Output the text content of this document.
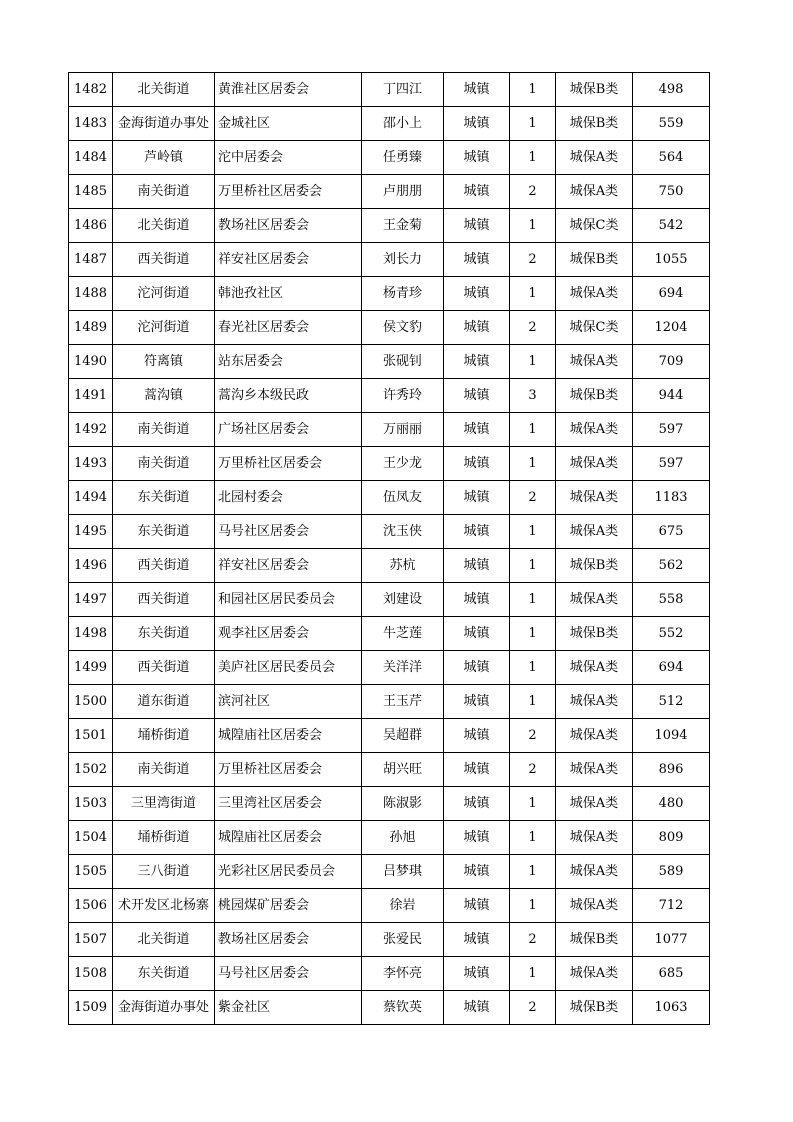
1482	北关街道	黄淮社区居委会	丁四江	城镇	1	城保B类	498
1483	金海街道办事处	金城社区	邵小上	城镇	1	城保B类	559
1484	芦岭镇	沱中居委会	任勇臻	城镇	1	城保A类	564
1485	南关街道	万里桥社区居委会	卢朋朋	城镇	2	城保A类	750
1486	北关街道	教场社区居委会	王金菊	城镇	1	城保C类	542
1487	西关街道	祥安社区居委会	刘长力	城镇	2	城保B类	1055
1488	沱河街道	韩池孜社区	杨青珍	城镇	1	城保A类	694
1489	沱河街道	春光社区居委会	侯文豹	城镇	2	城保C类	1204
1490	符离镇	站东居委会	张砚钊	城镇	1	城保A类	709
1491	蒿沟镇	蒿沟乡本级民政	许秀玲	城镇	3	城保B类	944
1492	南关街道	广场社区居委会	万丽丽	城镇	1	城保A类	597
1493	南关街道	万里桥社区居委会	王少龙	城镇	1	城保A类	597
1494	东关街道	北园村委会	伍凤友	城镇	2	城保A类	1183
1495	东关街道	马号社区居委会	沈玉侠	城镇	1	城保A类	675
1496	西关街道	祥安社区居委会	苏杭	城镇	1	城保B类	562
1497	西关街道	和园社区居民委员会	刘建设	城镇	1	城保A类	558
1498	东关街道	观李社区居委会	牛芝莲	城镇	1	城保B类	552
1499	西关街道	美庐社区居民委员会	关洋洋	城镇	1	城保A类	694
1500	道东街道	滨河社区	王玉芹	城镇	1	城保A类	512
1501	埇桥街道	城隍庙社区居委会	吴超群	城镇	2	城保A类	1094
1502	南关街道	万里桥社区居委会	胡兴旺	城镇	2	城保A类	896
1503	三里湾街道	三里湾社区居委会	陈淑影	城镇	1	城保A类	480
1504	埇桥街道	城隍庙社区居委会	孙旭	城镇	1	城保A类	809
1505	三八街道	光彩社区居民委员会	吕梦琪	城镇	1	城保A类	589
1506	术开发区北杨寨	桃园煤矿居委会	徐岩	城镇	1	城保A类	712
1507	北关街道	教场社区居委会	张爱民	城镇	2	城保B类	1077
1508	东关街道	马号社区居委会	李怀亮	城镇	1	城保A类	685
1509	金海街道办事处	紫金社区	蔡钦英	城镇	2	城保B类	1063
